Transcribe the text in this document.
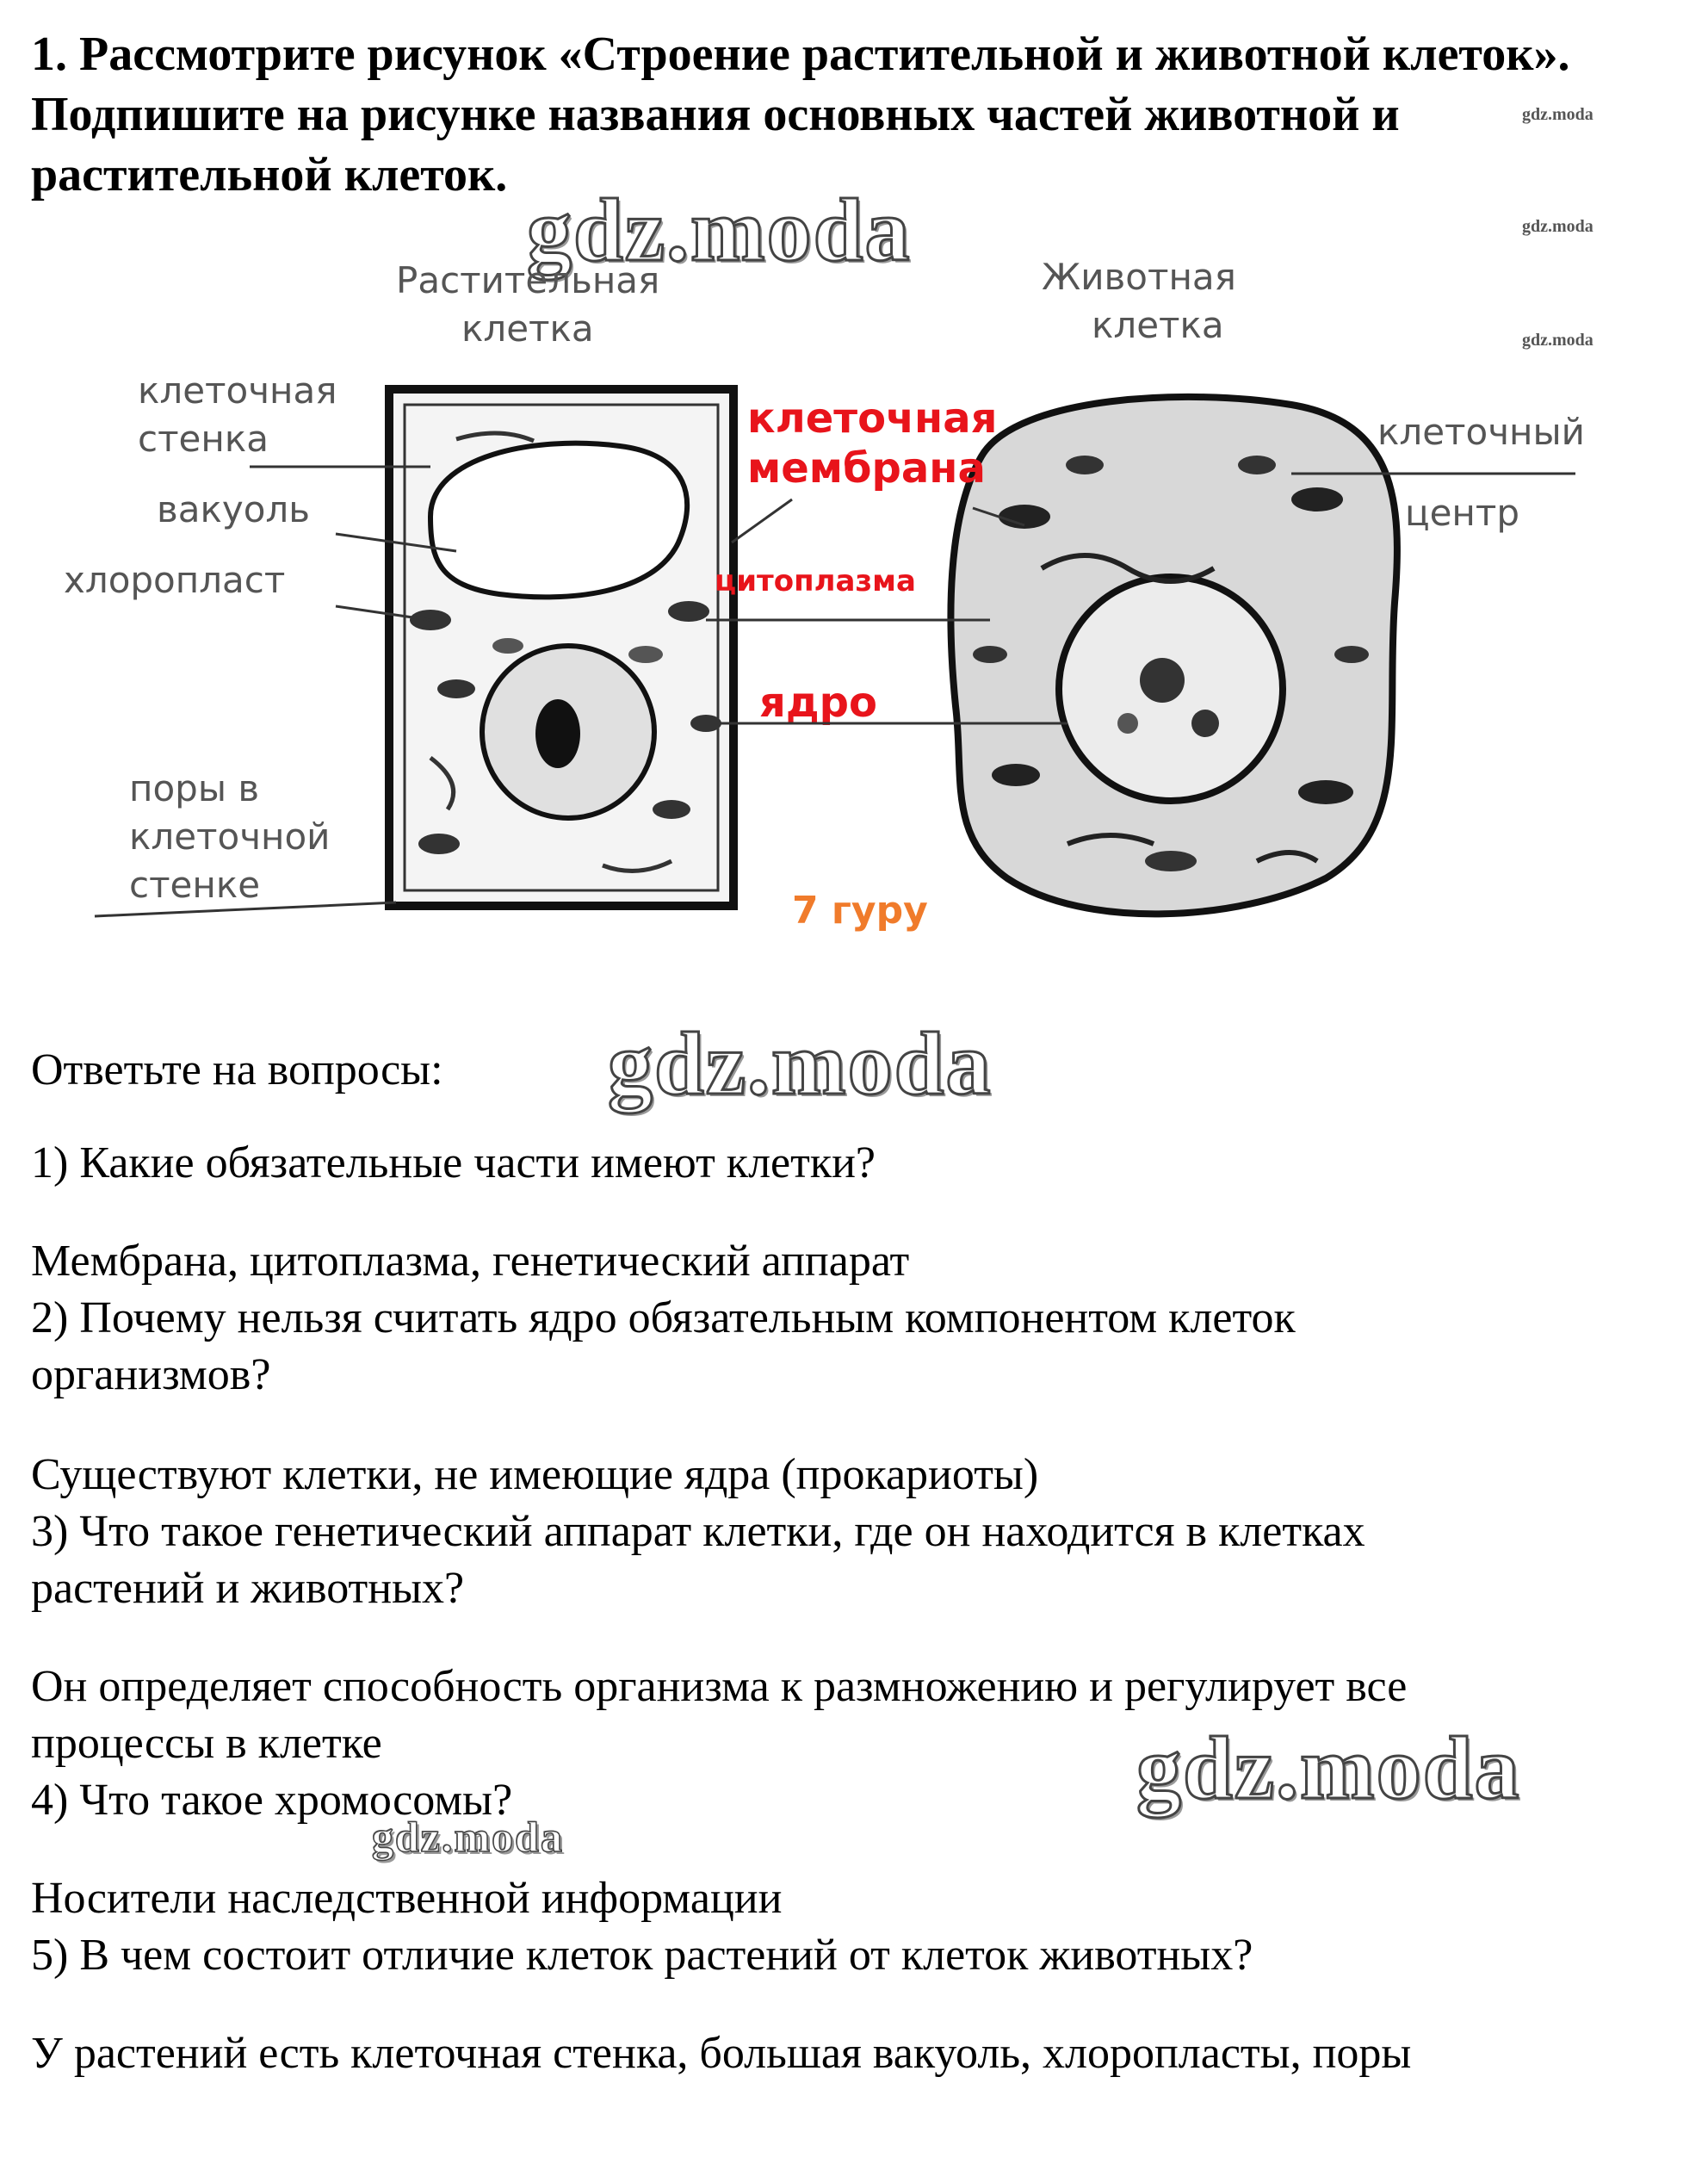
1. Рассмотрите рисунок «Строение растительной и животной клеток».
Подпишите на рисунке названия основных частей животной и
растительной клеток.
gdz.moda
gdz.moda
gdz.moda
gdz.moda
Растительная
клетка
Животная
клетка
клеточная
стенка
вакуоль
хлоропласт
поры в
клеточной
стенке
клеточный
центр
клеточная
мембрана
цитоплазма
ядро
7 гуру
gdz.moda
Ответьте на вопросы:
1) Какие обязательные части имеют клетки?
Мембрана, цитоплазма, генетический аппарат
2) Почему нельзя считать ядро обязательным компонентом клеток
организмов?
Существуют клетки, не имеющие ядра (прокариоты)
3) Что такое генетический аппарат клетки, где он находится в клетках
растений и животных?
Он определяет способность организма к размножению и регулирует все
процессы в клетке
4) Что такое хромосомы?	gdz.moda
gdz.moda
Носители наследственной информации
5) В чем состоит отличие клеток растений от клеток животных?
У растений есть клеточная стенка, большая вакуоль, хлоропласты, поры
